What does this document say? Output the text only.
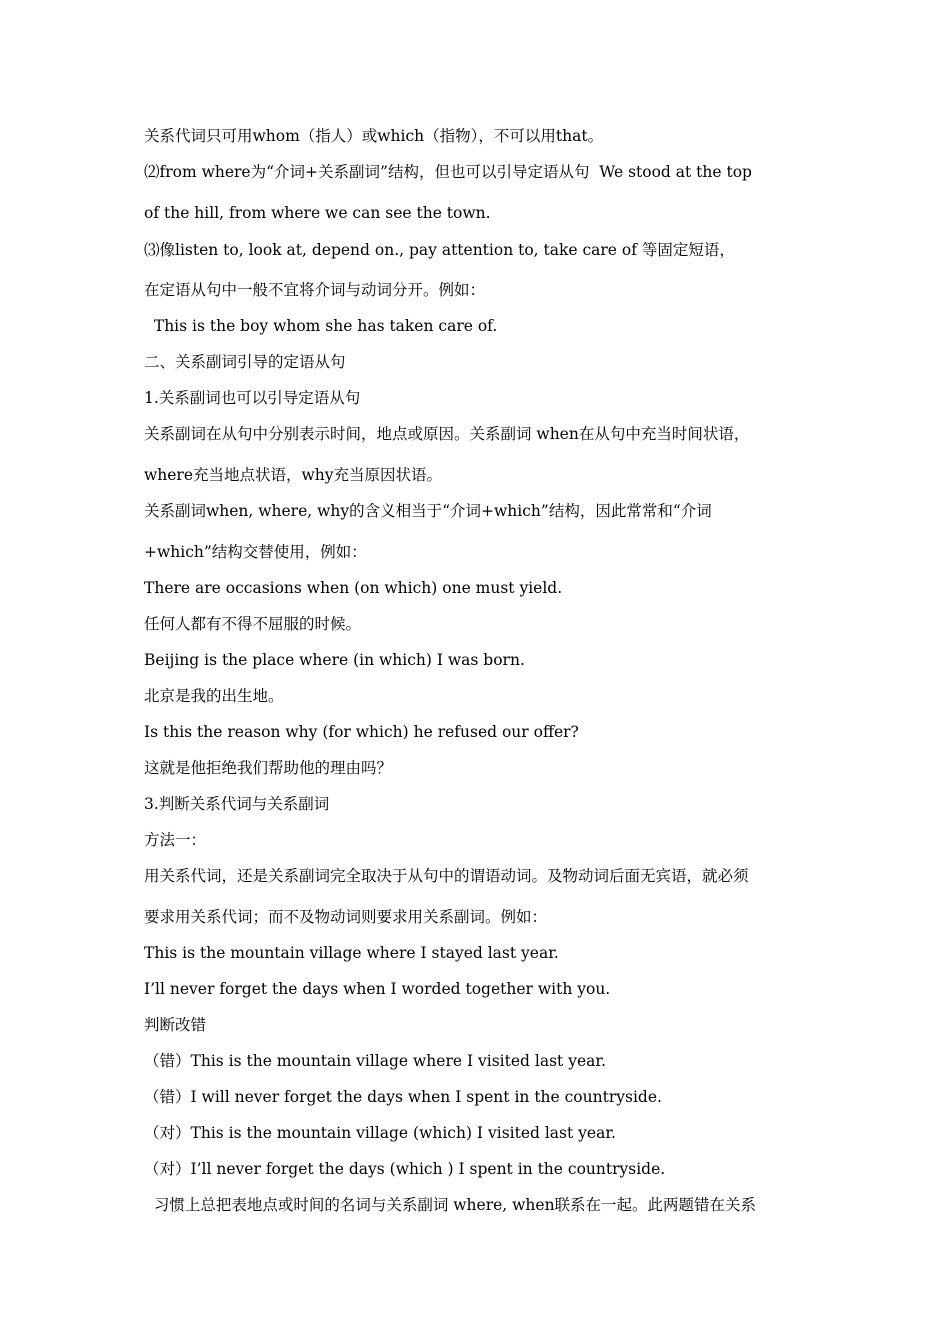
关系代词只可用whom（指人）或which（指物），不可以用that。
⑵from where为“介词+关系副词”结构，但也可以引导定语从句  We stood at the top
of the hill, from where we can see the town.
⑶像listen to, look at, depend on., pay attention to, take care of 等固定短语，
在定语从句中一般不宜将介词与动词分开。例如：
This is the boy whom she has taken care of.
二、关系副词引导的定语从句
1.关系副词也可以引导定语从句
关系副词在从句中分别表示时间，地点或原因。关系副词 when在从句中充当时间状语，
where充当地点状语，why充当原因状语。
关系副词when, where, why的含义相当于“介词+which”结构，因此常常和“介词
+which”结构交替使用，例如：
There are occasions when (on which) one must yield.
任何人都有不得不屈服的时候。
Beijing is the place where (in which) I was born.
北京是我的出生地。
Is this the reason why (for which) he refused our offer?
这就是他拒绝我们帮助他的理由吗？
3.判断关系代词与关系副词
方法一：
用关系代词，还是关系副词完全取决于从句中的谓语动词。及物动词后面无宾语，就必须
要求用关系代词；而不及物动词则要求用关系副词。例如：
This is the mountain village where I stayed last year.
I’ll never forget the days when I worded together with you.
判断改错
（错）This is the mountain village where I visited last year.
（错）I will never forget the days when I spent in the countryside.
（对）This is the mountain village (which) I visited last year.
（对）I’ll never forget the days (which ) I spent in the countryside.
习惯上总把表地点或时间的名词与关系副词 where, when联系在一起。此两题错在关系
